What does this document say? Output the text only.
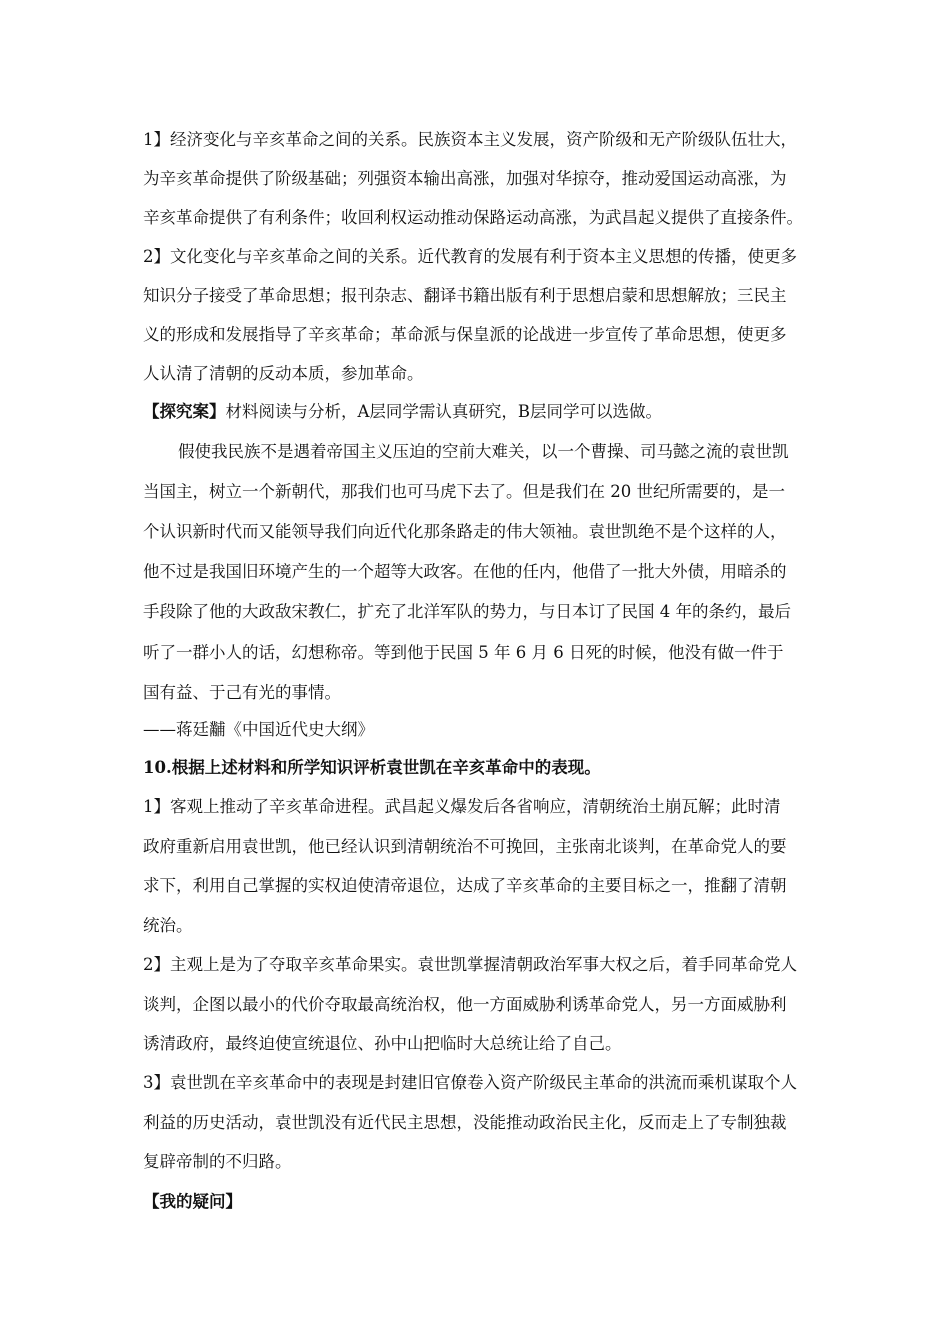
1】经济变化与辛亥革命之间的关系。民族资本主义发展，资产阶级和无产阶级队伍壮大，
为辛亥革命提供了阶级基础；列强资本输出高涨，加强对华掠夺，推动爱国运动高涨，为
辛亥革命提供了有利条件；收回利权运动推动保路运动高涨，为武昌起义提供了直接条件。
2】文化变化与辛亥革命之间的关系。近代教育的发展有利于资本主义思想的传播，使更多
知识分子接受了革命思想；报刊杂志、翻译书籍出版有利于思想启蒙和思想解放；三民主
义的形成和发展指导了辛亥革命；革命派与保皇派的论战进一步宣传了革命思想，使更多
人认清了清朝的反动本质，参加革命。
【探究案】材料阅读与分析，A层同学需认真研究，B层同学可以选做。
假使我民族不是遇着帝国主义压迫的空前大难关，以一个曹操、司马懿之流的袁世凯
当国主，树立一个新朝代，那我们也可马虎下去了。但是我们在 20 世纪所需要的，是一
个认识新时代而又能领导我们向近代化那条路走的伟大领袖。袁世凯绝不是个这样的人，
他不过是我国旧环境产生的一个超等大政客。在他的任内，他借了一批大外债，用暗杀的
手段除了他的大政敌宋教仁，扩充了北洋军队的势力，与日本订了民国 4 年的条约，最后
听了一群小人的话，幻想称帝。等到他于民国 5 年 6 月 6 日死的时候，他没有做一件于
国有益、于己有光的事情。
——蒋廷黼《中国近代史大纲》
10.根据上述材料和所学知识评析袁世凯在辛亥革命中的表现。
1】客观上推动了辛亥革命进程。武昌起义爆发后各省响应，清朝统治土崩瓦解；此时清
政府重新启用袁世凯，他已经认识到清朝统治不可挽回，主张南北谈判，在革命党人的要
求下，利用自己掌握的实权迫使清帝退位，达成了辛亥革命的主要目标之一，推翻了清朝
统治。
2】主观上是为了夺取辛亥革命果实。袁世凯掌握清朝政治军事大权之后，着手同革命党人
谈判，企图以最小的代价夺取最高统治权，他一方面威胁利诱革命党人，另一方面威胁利
诱清政府，最终迫使宣统退位、孙中山把临时大总统让给了自己。
3】袁世凯在辛亥革命中的表现是封建旧官僚卷入资产阶级民主革命的洪流而乘机谋取个人
利益的历史活动，袁世凯没有近代民主思想，没能推动政治民主化，反而走上了专制独裁
复辟帝制的不归路。
【我的疑问】
